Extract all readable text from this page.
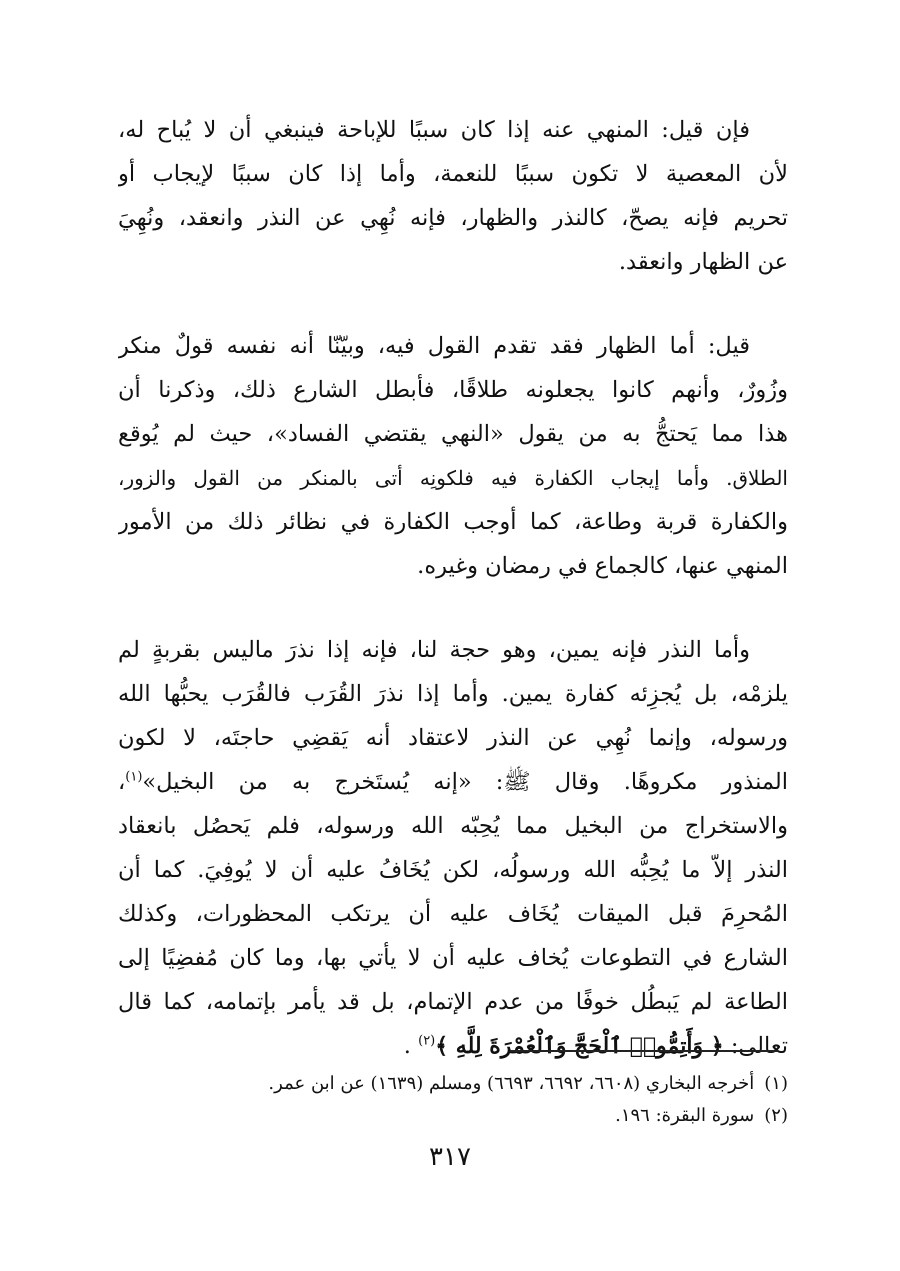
فإن قيل: المنهي عنه إذا كان سببًا للإباحة فينبغي أن لا يُباح له،
لأن المعصية لا تكون سببًا للنعمة، وأما إذا كان سببًا لإيجاب أو
تحريم فإنه يصحّ، كالنذر والظهار، فإنه نُهِي عن النذر وانعقد، ونُهِيَ
عن الظهار وانعقد.

قيل: أما الظهار فقد تقدم القول فيه، وبيّنّا أنه نفسه قولٌ منكر
وزُورٌ، وأنهم كانوا يجعلونه طلاقًا، فأبطل الشارع ذلك، وذكرنا أن
هذا مما يَحتجُّ به من يقول «النهي يقتضي الفساد»، حيث لم يُوقع
الطلاق. وأما إيجاب الكفارة فيه فلكونِه أتى بالمنكر من القول والزور،
والكفارة قربة وطاعة، كما أوجب الكفارة في نظائر ذلك من الأمور
المنهي عنها، كالجماع في رمضان وغيره.

وأما النذر فإنه يمين، وهو حجة لنا، فإنه إذا نذرَ ماليس بقربةٍ لم
يلزمْه، بل يُجزِئه كفارة يمين. وأما إذا نذرَ القُرَب فالقُرَب يحبُّها الله
ورسوله، وإنما نُهِي عن النذر لاعتقاد أنه يَقضِي حاجتَه، لا لكون
المنذور مكروهًا. وقال ﷺ: «إنه يُستَخرج به من البخيل»$^{(١)}$،
والاستخراج من البخيل مما يُحِبّه الله ورسوله، فلم يَحصُل بانعقاد
النذر إلاّ ما يُحِبُّه الله ورسولُه، لكن يُخَافُ عليه أن لا يُوفِيَ. كما أن
المُحرِمَ قبل الميقات يُخَاف عليه أن يرتكب المحظورات، وكذلك
الشارع في التطوعات يُخاف عليه أن لا يأتي بها، وما كان مُفضِيًا إلى
الطاعة لم يَبطُل خوفًا من عدم الإتمام، بل قد يأمر بإتمامه، كما قال
تعالى: ﴿ وَأَتِمُّوا۟ ٱلْحَجَّ وَٱلْعُمْرَةَ لِلَّهِ ﴾$^{(٢)}$ .

(١)أخرجه البخاري (٦٦٠٨، ٦٦٩٢، ٦٦٩٣) ومسلم (١٦٣٩) عن ابن عمر.
(٢)سورة البقرة: ١٩٦.
٣١٧
